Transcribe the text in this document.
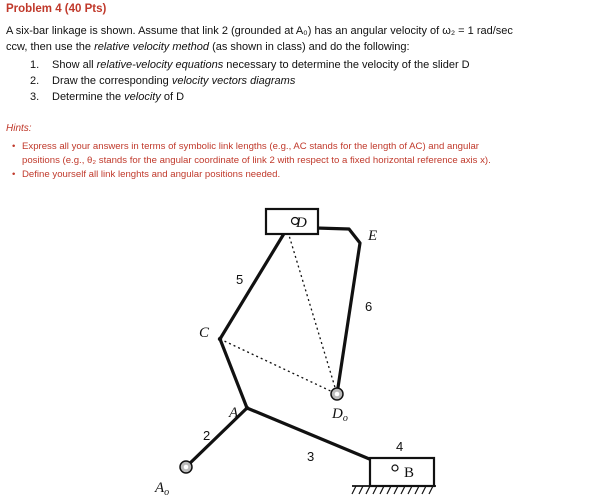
Problem 4 (40 Pts)
A six-bar linkage is shown. Assume that link 2 (grounded at A₀) has an angular velocity of ω₂ = 1 rad/sec
ccw, then use the relative velocity method (as shown in class) and do the following:
1. Show all relative-velocity equations necessary to determine the velocity of the slider D
2. Draw the corresponding velocity vectors diagrams
3. Determine the velocity of D
Hints:
• Express all your answers in terms of symbolic link lengths (e.g., AC stands for the length of AC) and angular
positions (e.g., θ₂ stands for the angular coordinate of link 2 with respect to a fixed horizontal reference axis x).
• Define yourself all link lenghts and angular positions needed.
D
E
C
A	$D_o$
$A_o$
B
2
3
4
5
6
